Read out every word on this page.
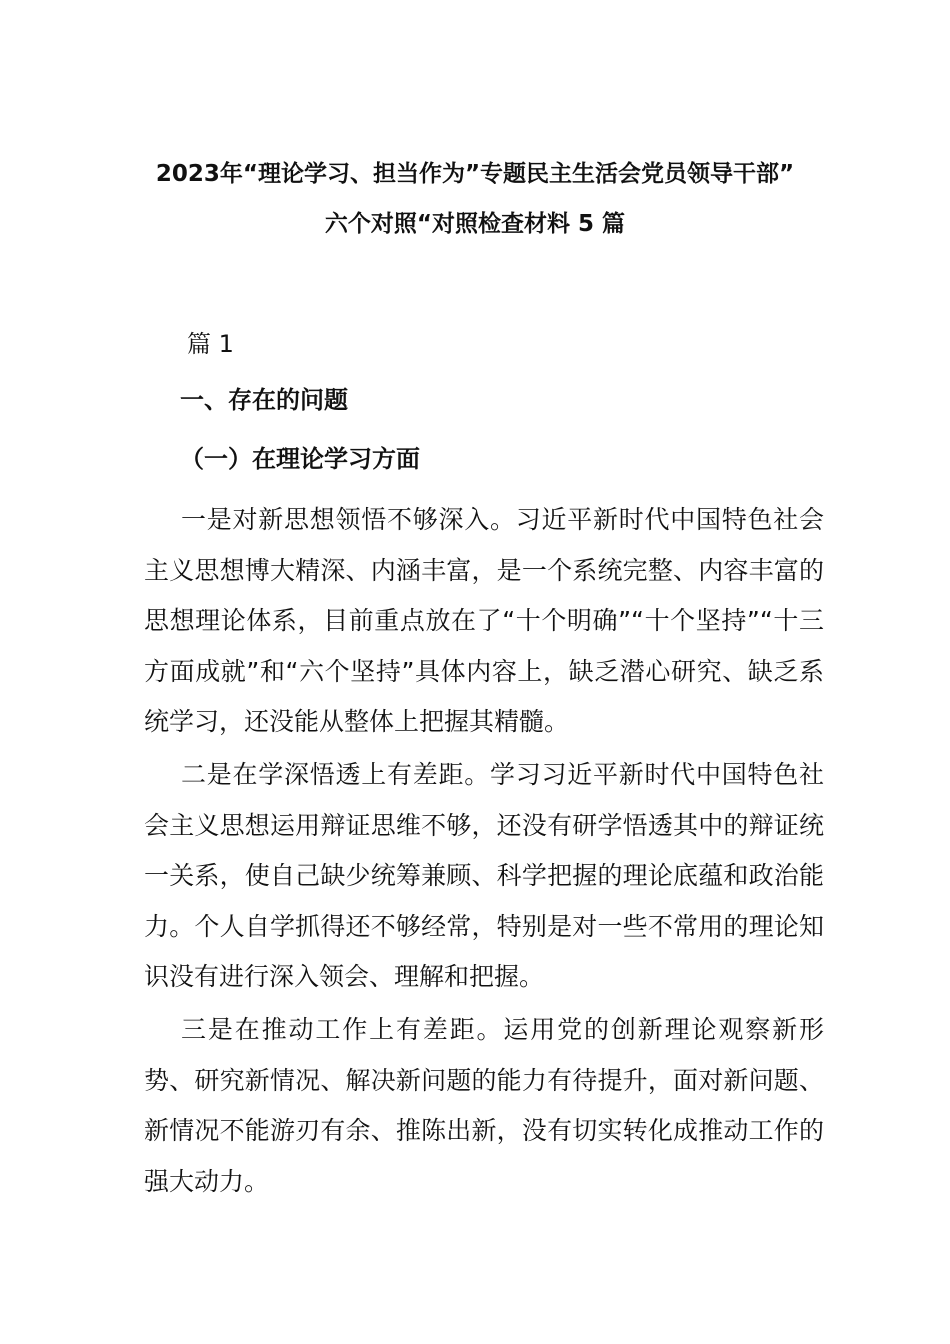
2023年“理论学习、担当作为”专题民主生活会党员领导干部”
六个对照“对照检查材料 5 篇
篇 1
一、存在的问题
（一）在理论学习方面

一是对新思想领悟不够深入。习近平新时代中国特色社会主义思想博大精深、内涵丰富，是一个系统完整、内容丰富的思想理论体系，目前重点放在了“十个明确”“十个坚持”“十三方面成就”和“六个坚持”具体内容上，缺乏潜心研究、缺乏系统学习，还没能从整体上把握其精髓。

二是在学深悟透上有差距。学习习近平新时代中国特色社会主义思想运用辩证思维不够，还没有研学悟透其中的辩证统一关系，使自己缺少统筹兼顾、科学把握的理论底蕴和政治能力。个人自学抓得还不够经常，特别是对一些不常用的理论知识没有进行深入领会、理解和把握。

三是在推动工作上有差距。运用党的创新理论观察新形势、研究新情况、解决新问题的能力有待提升，面对新问题、新情况不能游刃有余、推陈出新，没有切实转化成推动工作的强大动力。
